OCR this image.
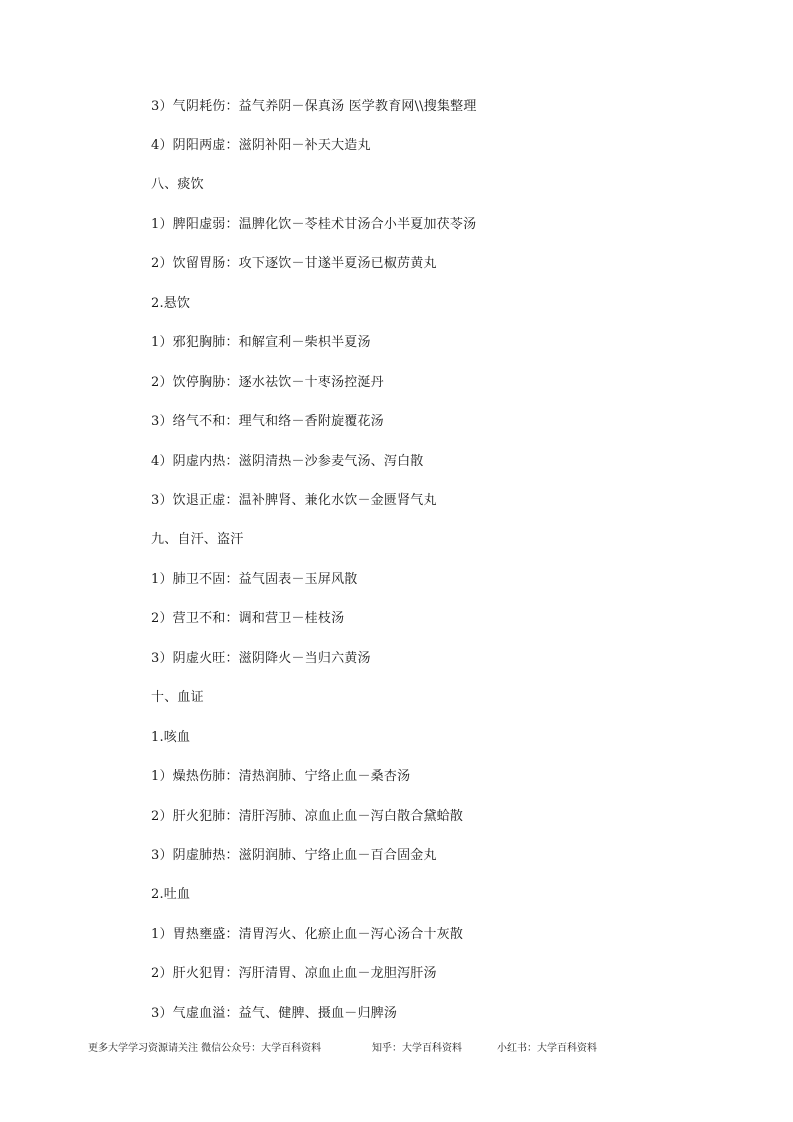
3）气阴耗伤：益气养阴－保真汤 医学教育网\\搜集整理
4）阴阳两虚：滋阴补阳－补天大造丸
八、痰饮
1）脾阳虚弱：温脾化饮－苓桂术甘汤合小半夏加茯苓汤
2）饮留胃肠：攻下逐饮－甘遂半夏汤已椒苈黄丸
2.悬饮
1）邪犯胸肺：和解宣利－柴枳半夏汤
2）饮停胸胁：逐水祛饮－十枣汤控涎丹
3）络气不和：理气和络－香附旋覆花汤
4）阴虚内热：滋阴清热－沙参麦气汤、泻白散
3）饮退正虚：温补脾肾、兼化水饮－金匮肾气丸
九、自汗、盗汗
1）肺卫不固：益气固表－玉屏风散
2）营卫不和：调和营卫－桂枝汤
3）阴虚火旺：滋阴降火－当归六黄汤
十、血证
1.咳血
1）燥热伤肺：清热润肺、宁络止血－桑杏汤
2）肝火犯肺：清肝泻肺、凉血止血－泻白散合黛蛤散
3）阴虚肺热：滋阴润肺、宁络止血－百合固金丸
2.吐血
1）胃热壅盛：清胃泻火、化瘀止血－泻心汤合十灰散
2）肝火犯胃：泻肝清胃、凉血止血－龙胆泻肝汤
3）气虚血溢：益气、健脾、摄血－归脾汤
更多大学学习资源请关注 微信公众号：大学百科资料	知乎：大学百科资料	小红书：大学百科资料
